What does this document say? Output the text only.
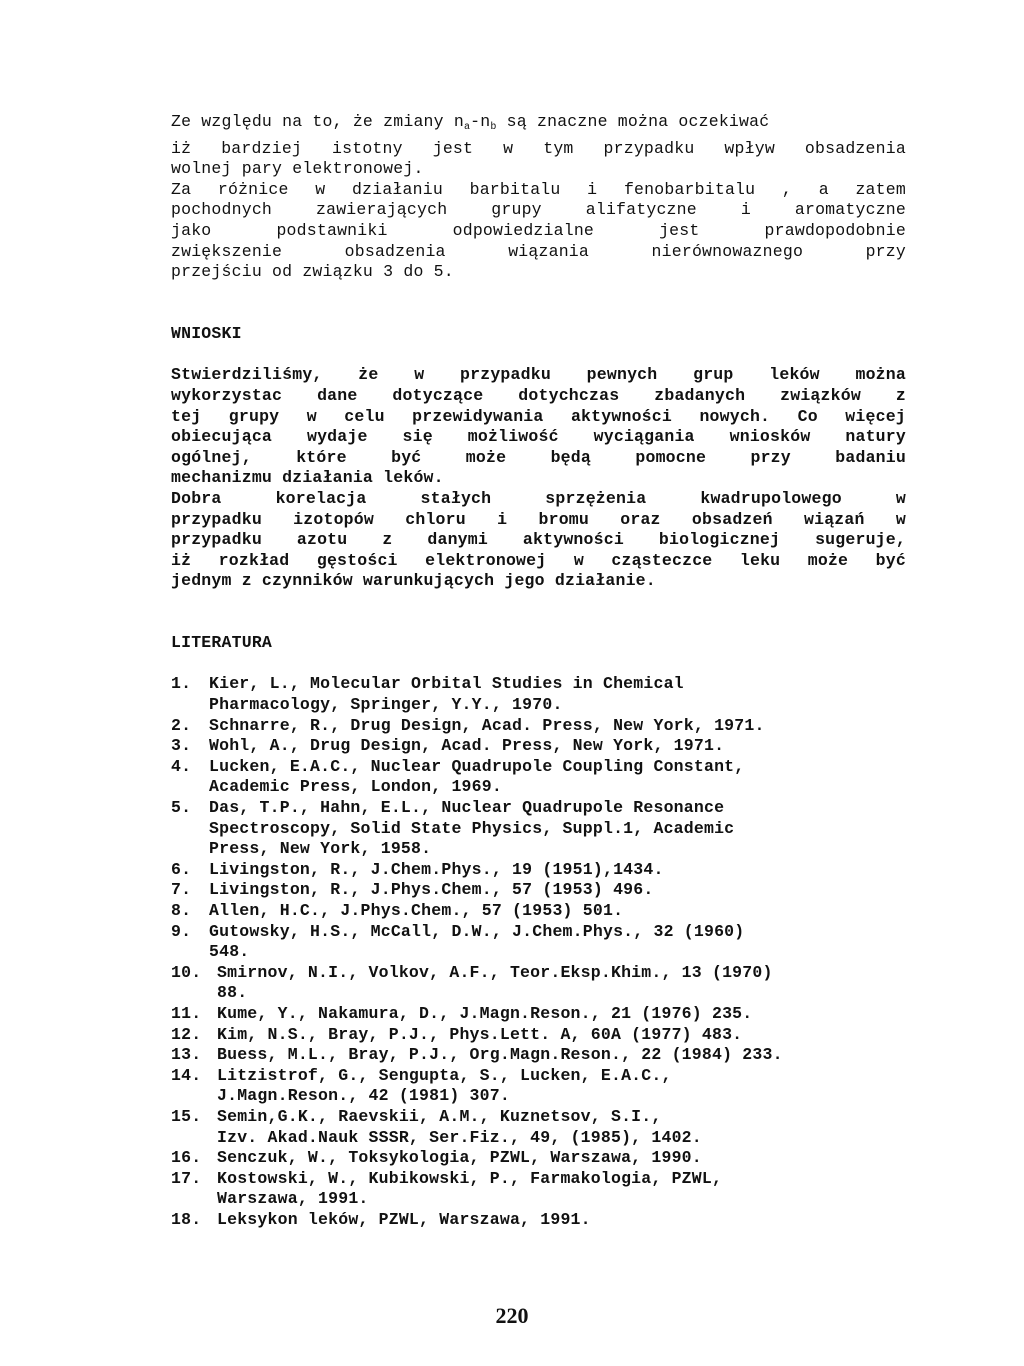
Ze względu na to, że zmiany $n_a-n_b$ są znaczne można oczekiwać
iż bardziej istotny jest w tym przypadku wpływ obsadzenia
wolnej pary elektronowej.
Za różnice w działaniu barbitalu i fenobarbitalu , a zatem
pochodnych	zawierających	grupy	alifatyczne	i	aromatyczne
jako	podstawniki	odpowiedzialne	jest	prawdopodobnie
zwiększenie	obsadzenia	wiązania	nierównowaznego	przy
przejściu od związku 3 do 5.
WNIOSKI
Stwierdziliśmy, że w przypadku pewnych grup leków można
wykorzystac dane dotyczące dotychczas zbadanych związków z
tej grupy w celu przewidywania aktywności nowych. Co więcej
obiecująca wydaje się możliwość wyciągania wniosków natury
ogólnej,	które	być	może	będą	pomocne	przy	badaniu
mechanizmu działania leków.
Dobra	korelacja	stałych	sprzężenia	kwadrupolowego	w
przypadku izotopów chloru i bromu oraz obsadzeń wiązań w
przypadku azotu z danymi aktywności biologicznej sugeruje,
iż rozkład gęstości elektronowej w cząsteczce leku może być
jednym z czynników warunkujących jego działanie.
LITERATURA
1.	Kier, L., Molecular Orbital Studies in Chemical
Pharmacology, Springer, Y.Y., 1970.
2.	Schnarre, R., Drug Design, Acad. Press, New York, 1971.
3.	Wohl, A., Drug Design, Acad. Press, New York, 1971.
4.	Lucken, E.A.C., Nuclear Quadrupole Coupling Constant,
Academic Press, London, 1969.
5.	Das, T.P., Hahn, E.L., Nuclear Quadrupole Resonance
Spectroscopy, Solid State Physics, Suppl.1, Academic
Press, New York, 1958.
6.	Livingston, R., J.Chem.Phys., 19 (1951),1434.
7.	Livingston, R., J.Phys.Chem., 57 (1953) 496.
8.	Allen, H.C., J.Phys.Chem., 57 (1953) 501.
9.	Gutowsky, H.S., McCall, D.W., J.Chem.Phys., 32 (1960)
548.
10. Smirnov, N.I., Volkov, A.F., Teor.Eksp.Khim., 13 (1970)
88.
11. Kume, Y., Nakamura, D., J.Magn.Reson., 21 (1976) 235.
12. Kim, N.S., Bray, P.J., Phys.Lett. A, 60A (1977) 483.
13. Buess, M.L., Bray, P.J., Org.Magn.Reson., 22 (1984) 233.
14. Litzistrof, G., Sengupta, S., Lucken, E.A.C.,
J.Magn.Reson., 42 (1981) 307.
15. Semin,G.K., Raevskii, A.M., Kuznetsov, S.I.,
Izv. Akad.Nauk SSSR, Ser.Fiz., 49, (1985), 1402.
16. Senczuk, W., Toksykologia, PZWL, Warszawa, 1990.
17. Kostowski, W., Kubikowski, P., Farmakologia, PZWL,
Warszawa, 1991.
18. Leksykon leków, PZWL, Warszawa, 1991.
220
